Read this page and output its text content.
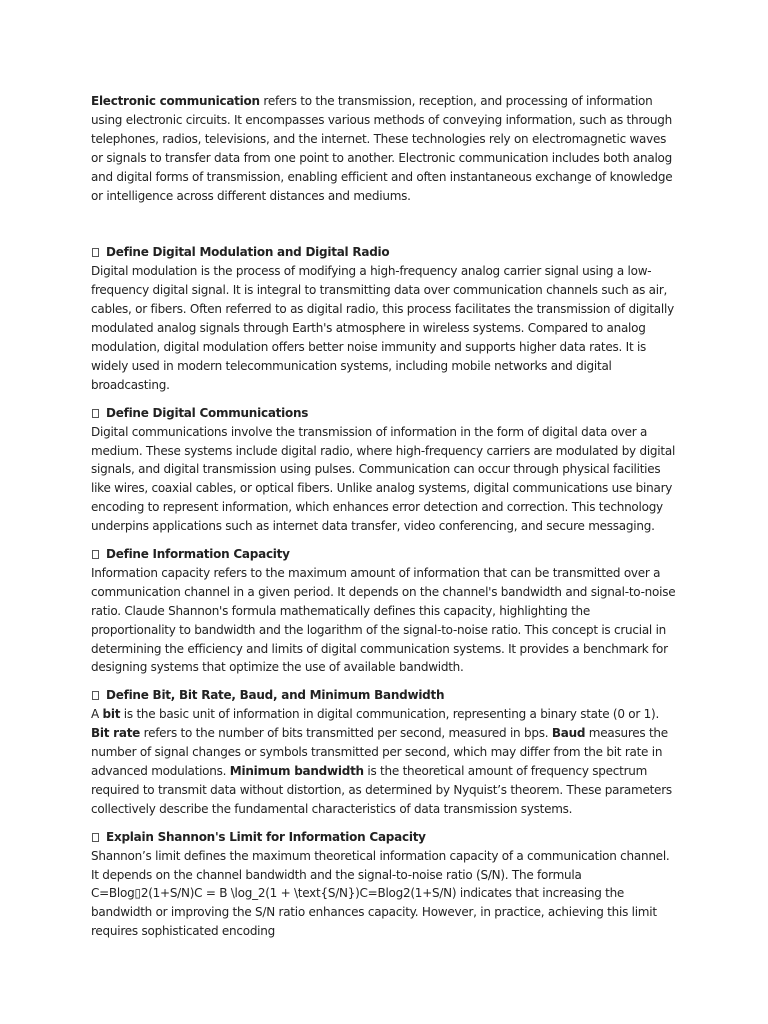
Electronic communication refers to the transmission, reception, and processing of information using electronic circuits. It encompasses various methods of conveying information, such as through telephones, radios, televisions, and the internet. These technologies rely on electromagnetic waves or signals to transfer data from one point to another. Electronic communication includes both analog and digital forms of transmission, enabling efficient and often instantaneous exchange of knowledge or intelligence across different distances and mediums.

Define Digital Modulation and Digital Radio

Digital modulation is the process of modifying a high-frequency analog carrier signal using a low-frequency digital signal. It is integral to transmitting data over communication channels such as air, cables, or fibers. Often referred to as digital radio, this process facilitates the transmission of digitally modulated analog signals through Earth's atmosphere in wireless systems. Compared to analog modulation, digital modulation offers better noise immunity and supports higher data rates. It is widely used in modern telecommunication systems, including mobile networks and digital broadcasting.

Define Digital Communications

Digital communications involve the transmission of information in the form of digital data over a medium. These systems include digital radio, where high-frequency carriers are modulated by digital signals, and digital transmission using pulses. Communication can occur through physical facilities like wires, coaxial cables, or optical fibers. Unlike analog systems, digital communications use binary encoding to represent information, which enhances error detection and correction. This technology underpins applications such as internet data transfer, video conferencing, and secure messaging.

Define Information Capacity

Information capacity refers to the maximum amount of information that can be transmitted over a communication channel in a given period. It depends on the channel's bandwidth and signal-to-noise ratio. Claude Shannon's formula mathematically defines this capacity, highlighting the proportionality to bandwidth and the logarithm of the signal-to-noise ratio. This concept is crucial in determining the efficiency and limits of digital communication systems. It provides a benchmark for designing systems that optimize the use of available bandwidth.

Define Bit, Bit Rate, Baud, and Minimum Bandwidth

A bit is the basic unit of information in digital communication, representing a binary state (0 or 1). Bit rate refers to the number of bits transmitted per second, measured in bps. Baud measures the number of signal changes or symbols transmitted per second, which may differ from the bit rate in advanced modulations. Minimum bandwidth is the theoretical amount of frequency spectrum required to transmit data without distortion, as determined by Nyquist’s theorem. These parameters collectively describe the fundamental characteristics of data transmission systems.

Explain Shannon's Limit for Information Capacity

Shannon’s limit defines the maximum theoretical information capacity of a communication channel. It depends on the channel bandwidth and the signal-to-noise ratio (S/N). The formula C=Blog▯2(1+S/N)C = B \log_2(1 + \text{S/N})C=Blog2(1+S/N) indicates that increasing the bandwidth or improving the S/N ratio enhances capacity. However, in practice, achieving this limit requires sophisticated encoding
